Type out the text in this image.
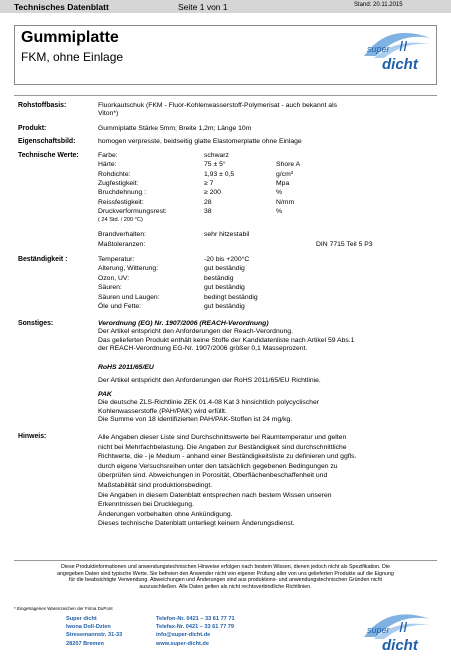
Technisches Datenblatt	Seite 1 von 1	Stand: 20.11.2015
Gummiplatte
FKM, ohne Einlage
super II
dicht
Rohstoffbasis:	Fluorkautschuk (FKM - Fluor-Kohlenwasserstoff-Polymerisat - auch bekannt als
Viton*)
Produkt:	Gummiplatte Stärke 5mm; Breite 1,2m; Länge 10m
Eigenschaftsbild:	homogen verpresste, beidseitig glatte Elastomerplatte ohne Einlage
Technische Werte:	Farbe:	schwarz
Härte:	75 ± 5°	Shore A
Rohdichte:	1,93 ± 0,5	g/cm³
Zugfestigkeit:	≥ 7	Mpa
Bruchdehnung :	≥ 200	%
Reissfestigkeit:	28	N/mm
Druckverformungsrest:	38	%
( 24 Std. / 200 °C)
Brandverhalten:	sehr hitzestabil
Maßtoleranzen:	DIN 7715 Teil 5 P3
Beständigkeit :	Temperatur:	-20 bis +200°C
Alterung, Witterung:	gut beständig
Ozon, UV:	beständig
Säuren:	gut beständig
Säuren und Laugen:	bedingt beständig
Öle und Fette:	gut beständig
Sonstiges:	Verordnung (EG) Nr. 1907/2006 (REACH-Verordnung)
Der Artikel entspricht den Anforderungen der Reach-Verordnung.
Das gelieferten Produkt enthält keine Stoffe der Kandidatenliste nach Artikel 59 Abs.1
der REACH-Verordnung EG-Nr. 1907/2006 größer 0,1 Masseprozent.
RoHS 2011/65/EU
Der Artikel entspricht den Anforderungen der RoHS 2011/65/EU Richtlinie.
PAK
Die deutsche ZLS-Richtlinie ZEK 01.4-08 Kat 3 hinsichtlich polycyclischer
Kohlenwasserstoffe (PAH/PAK) wird erfüllt.
Die Summe von 18 identifizierten PAH/PAK-Stoffen ist 24 mg/kg.
Hinweis:	Alle Angaben dieser Liste sind Durchschnittswerte bei Raumtemperatur und gelten
nicht bei Mehrfachbelastung. Die Angaben zur Beständigkeit sind durchschnittliche
Richtwerte, die - je Medium - anhand einer Beständigkeitsliste zu definieren und ggfls.
durch eigene Versuchsreihen unter den tatsächlich gegebenen Bedingungen zu
überprüfen sind. Abweichungen in Porosität, Oberflächenbeschaffenheit und
Maßstabilität sind produktionsbedingt.
Die Angaben in diesem Datenblatt entsprechen nach bestem Wissen unseren
Erkenntnissen bei Drucklegung.
Änderungen vorbehalten ohne Ankündigung.
Dieses technische Datenblatt unterliegt keinem Änderungsdienst.
Diese Produktinformationen und anwendungstechnischen Hinweise erfolgen nach bestem Wissen, dienen jedoch nicht als Spezifikation. Die
angegeben Daten sind typische Werte. Sie befreien den Anwender nicht von eigener Prüfung aller von uns gelieferten Produkte auf die Eignung
für die beabsichtigte Verwendung. Abweichungen und Änderungen sind aus produktions- und anwendungstechnischen Gründen nicht
auszuschließen. Alle Daten gelten als nicht rechtsverbindliche Richtlinien.
* Eingetragenes Warenzeichen der Firma DuPont
Super dicht
Iwona Doll-Dzien
Stresemannstr. 31-33
28207 Bremen
Telefon-Nr. 0421 – 33 61 77 71
Telefax-Nr. 0421 – 33 61 77 79
info@super-dicht.de
www.super-dicht.de
super II
dicht
